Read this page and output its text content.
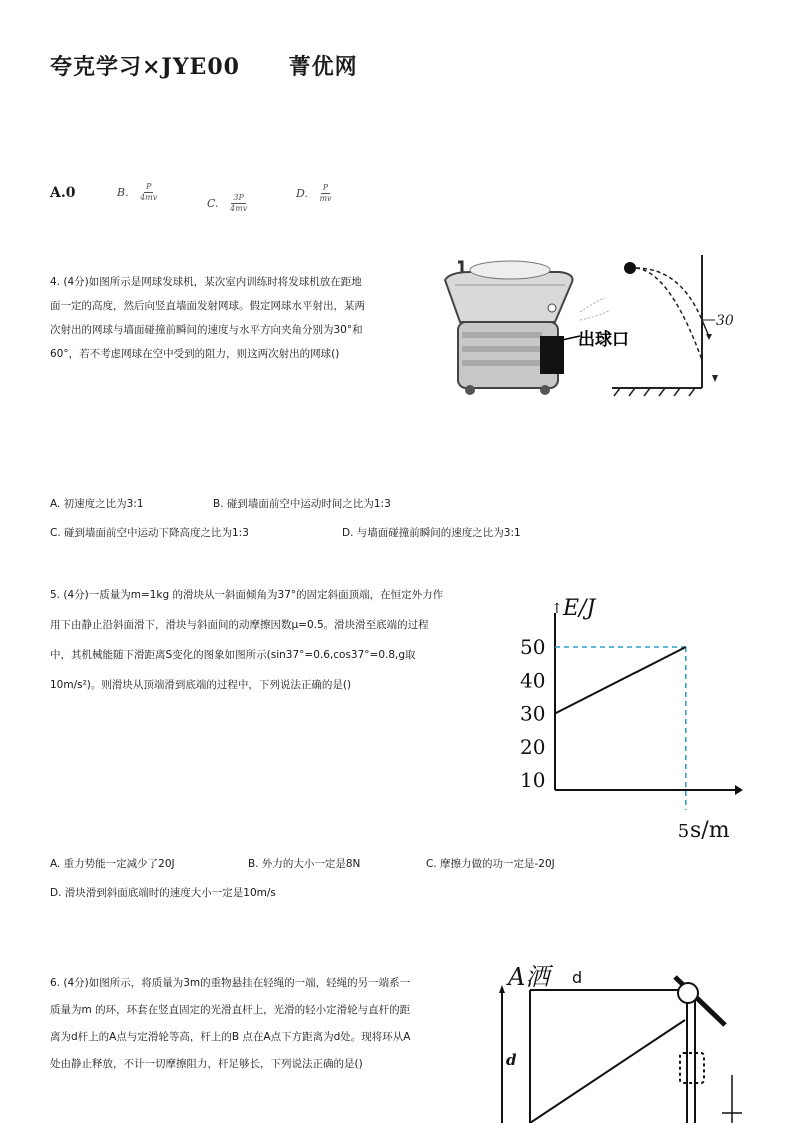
夸克学习×JYE00 菁优网
A.0	B. $\frac{P}{4mv}$	C. $\frac{3P}{4mv}$	D. $\frac{P}{mv}$
4. (4分)如图所示是网球发球机，某次室内训练时将发球机放在距地
面一定的高度，然后向竖直墙面发射网球。假定网球水平射出，某两
次射出的网球与墙面碰撞前瞬间的速度与水平方向夹角分别为30°和
60°，若不考虑网球在空中受到的阻力，则这两次射出的网球()
出球口
30
A. 初速度之比为3:1	B. 碰到墙面前空中运动时间之比为1:3
C. 碰到墙面前空中运动下降高度之比为1:3	D. 与墙面碰撞前瞬间的速度之比为3:1
5. (4分)一质量为m=1kg 的滑块从一斜面倾角为37°的固定斜面顶端，在恒定外力作
用下由静止沿斜面滑下，滑块与斜面间的动摩擦因数μ=0.5。滑块滑至底端的过程
中，其机械能随下滑距离S变化的图象如图所示(sin37°=0.6,cos37°=0.8,g取
10m/s²)。则滑块从顶端滑到底端的过程中，下列说法正确的是()
↑ E/J
s/m
50
40
30
20
10
5
A. 重力势能一定减少了20J	B. 外力的大小一定是8N	C. 摩擦力做的功一定是-20J
D. 滑块滑到斜面底端时的速度大小一定是10m/s
6. (4分)如图所示，将质量为3m的重物悬挂在轻绳的一端，轻绳的另一端系一
质量为m 的环，环套在竖直固定的光滑直杆上，光滑的轻小定滑轮与直杆的距
离为d杆上的A点与定滑轮等高，杆上的B 点在A点下方距离为d处。现将环从A
处由静止释放，不计一切摩擦阻力，杆足够长，下列说法正确的是()
A洒 d
d
